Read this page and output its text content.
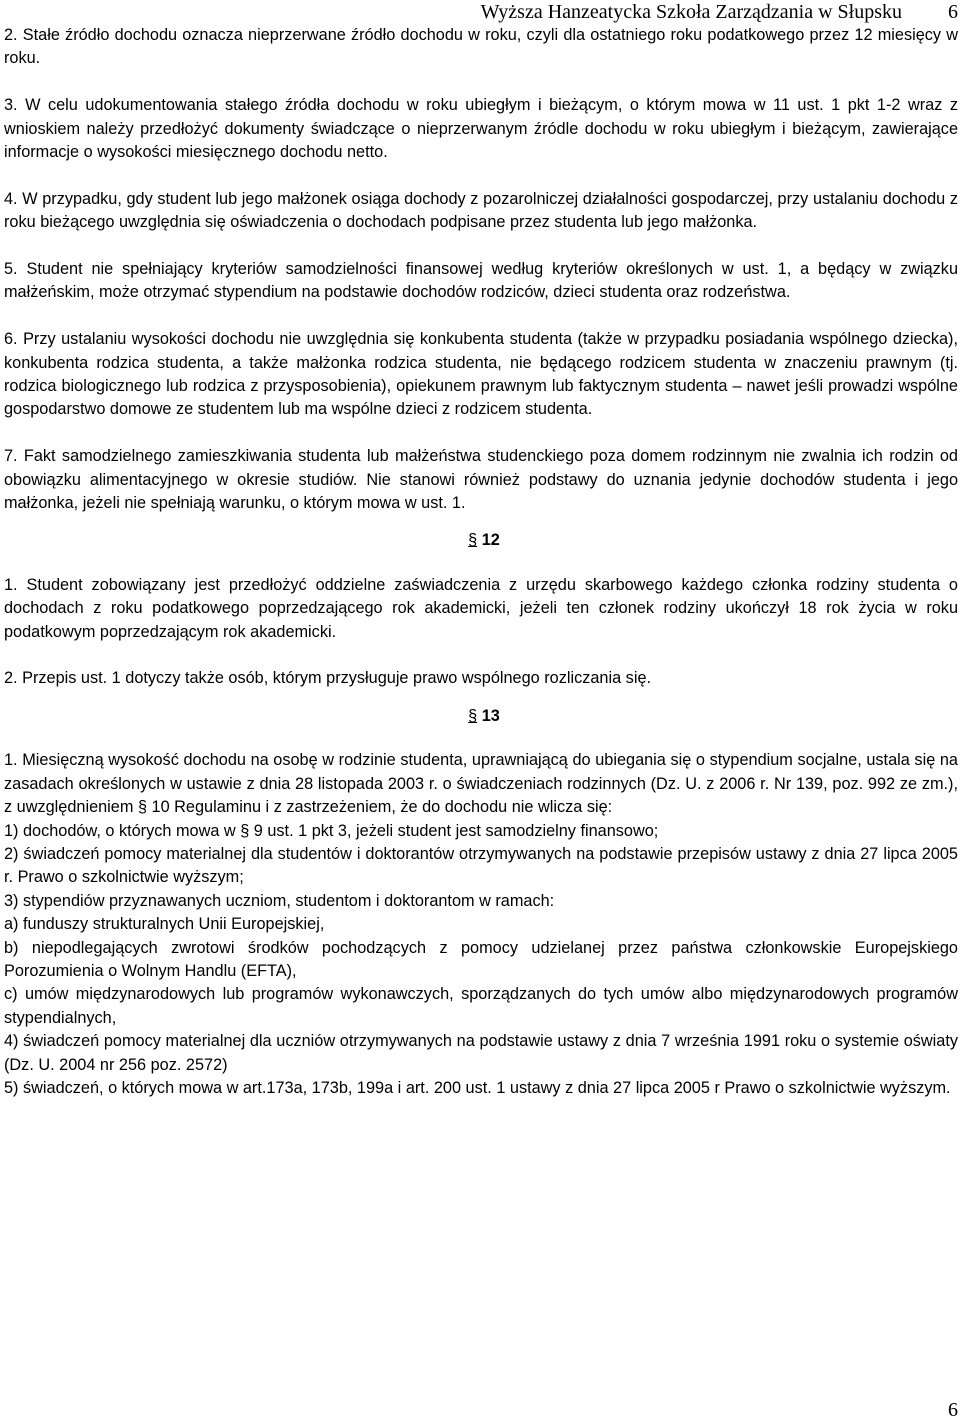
Wyższa Hanzeatycka Szkoła Zarządzania w Słupsku 6

2. Stałe źródło dochodu oznacza nieprzerwane źródło dochodu w roku, czyli dla ostatniego roku podatkowego przez 12 miesięcy w roku.

3. W celu udokumentowania stałego źródła dochodu w roku ubiegłym i bieżącym, o którym mowa w 11 ust. 1 pkt 1-2 wraz z wnioskiem należy przedłożyć dokumenty świadczące o nieprzerwanym źródle dochodu w roku ubiegłym i bieżącym, zawierające informacje o wysokości miesięcznego dochodu netto.

4. W przypadku, gdy student lub jego małżonek osiąga dochody z pozarolniczej działalności gospodarczej, przy ustalaniu dochodu z roku bieżącego uwzględnia się oświadczenia o dochodach podpisane przez studenta lub jego małżonka.

5. Student nie spełniający kryteriów samodzielności finansowej według kryteriów określonych w ust. 1, a będący w związku małżeńskim, może otrzymać stypendium na podstawie dochodów rodziców, dzieci studenta oraz rodzeństwa.

6. Przy ustalaniu wysokości dochodu nie uwzględnia się konkubenta studenta (także w przypadku posiadania wspólnego dziecka), konkubenta rodzica studenta, a także małżonka rodzica studenta, nie będącego rodzicem studenta w znaczeniu prawnym (tj. rodzica biologicznego lub rodzica z przysposobienia), opiekunem prawnym lub faktycznym studenta – nawet jeśli prowadzi wspólne gospodarstwo domowe ze studentem lub ma wspólne dzieci z rodzicem studenta.

7. Fakt samodzielnego zamieszkiwania studenta lub małżeństwa studenckiego poza domem rodzinnym nie zwalnia ich rodzin od obowiązku alimentacyjnego w okresie studiów. Nie stanowi również podstawy do uznania jedynie dochodów studenta i jego małżonka, jeżeli nie spełniają warunku, o którym mowa w ust. 1.

§ 12

1. Student zobowiązany jest przedłożyć oddzielne zaświadczenia z urzędu skarbowego każdego członka rodziny studenta o dochodach z roku podatkowego poprzedzającego rok akademicki, jeżeli ten członek rodziny ukończył 18 rok życia w roku podatkowym poprzedzającym rok akademicki.

2. Przepis ust. 1 dotyczy także osób, którym przysługuje prawo wspólnego rozliczania się.

§ 13

1. Miesięczną wysokość dochodu na osobę w rodzinie studenta, uprawniającą do ubiegania się o stypendium socjalne, ustala się na zasadach określonych w ustawie z dnia 28 listopada 2003 r. o świadczeniach rodzinnych (Dz. U. z 2006 r. Nr 139, poz. 992 ze zm.), z uwzględnieniem § 10 Regulaminu i z zastrzeżeniem, że do dochodu nie wlicza się:

1) dochodów, o których mowa w § 9 ust. 1 pkt 3, jeżeli student jest samodzielny finansowo;

2) świadczeń pomocy materialnej dla studentów i doktorantów otrzymywanych na podstawie przepisów ustawy z dnia 27 lipca 2005 r. Prawo o szkolnictwie wyższym;

3) stypendiów przyznawanych uczniom, studentom i doktorantom w ramach:

a) funduszy strukturalnych Unii Europejskiej,

b) niepodlegających zwrotowi środków pochodzących z pomocy udzielanej przez państwa członkowskie Europejskiego Porozumienia o Wolnym Handlu (EFTA),

c) umów międzynarodowych lub programów wykonawczych, sporządzanych do tych umów albo międzynarodowych programów stypendialnych,

4) świadczeń pomocy materialnej dla uczniów otrzymywanych na podstawie ustawy z dnia 7 września 1991 roku o systemie oświaty (Dz. U. 2004 nr 256 poz. 2572)

5) świadczeń, o których mowa w art.173a, 173b, 199a i art. 200 ust. 1 ustawy z dnia 27 lipca 2005 r Prawo o szkolnictwie wyższym.

6
